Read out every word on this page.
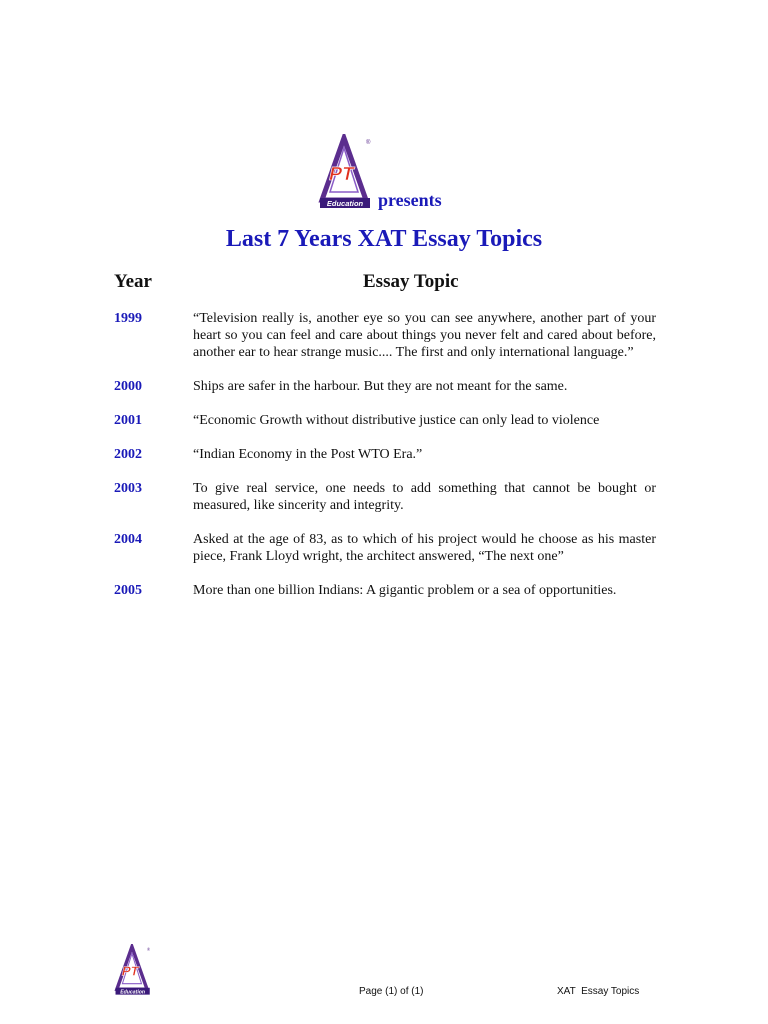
PT
Education
®
presents
Last 7 Years XAT Essay Topics
Year	Essay Topic
1999	“Television really is, another eye so you can see anywhere, another part of your heart so you can feel and care about things you never felt and cared about before, another ear to hear strange music.... The first and only international language.”
2000	Ships are safer in the harbour. But they are not meant for the same.
2001	“Economic Growth without distributive justice can only lead to violence
2002	“Indian Economy in the Post WTO Era.”
2003	To give real service, one needs to add something that cannot be bought or measured, like sincerity and integrity.
2004	Asked at the age of 83, as to which of his project would he choose as his master piece, Frank Lloyd wright, the architect answered, “The next one”
2005	More than one billion Indians: A gigantic problem or a sea of opportunities.
PT
Education
®
Page (1) of (1)	XAT  Essay Topics
